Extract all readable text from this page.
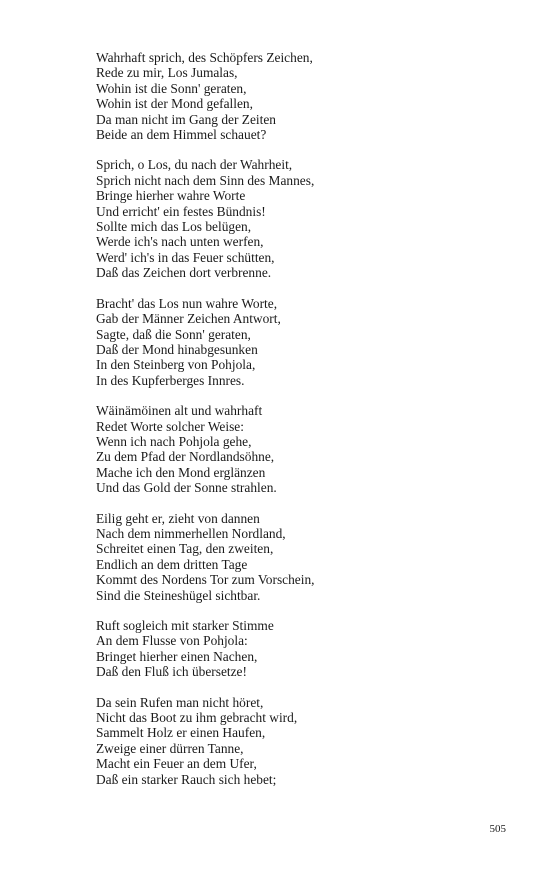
Wahrhaft sprich, des Schöpfers Zeichen,
Rede zu mir, Los Jumalas,
Wohin ist die Sonn' geraten,
Wohin ist der Mond gefallen,
Da man nicht im Gang der Zeiten
Beide an dem Himmel schauet?
Sprich, o Los, du nach der Wahrheit,
Sprich nicht nach dem Sinn des Mannes,
Bringe hierher wahre Worte
Und erricht' ein festes Bündnis!
Sollte mich das Los belügen,
Werde ich's nach unten werfen,
Werd' ich's in das Feuer schütten,
Daß das Zeichen dort verbrenne.
Bracht' das Los nun wahre Worte,
Gab der Männer Zeichen Antwort,
Sagte, daß die Sonn' geraten,
Daß der Mond hinabgesunken
In den Steinberg von Pohjola,
In des Kupferberges Innres.
Wäinämöinen alt und wahrhaft
Redet Worte solcher Weise:
Wenn ich nach Pohjola gehe,
Zu dem Pfad der Nordlandsöhne,
Mache ich den Mond erglänzen
Und das Gold der Sonne strahlen.
Eilig geht er, zieht von dannen
Nach dem nimmerhellen Nordland,
Schreitet einen Tag, den zweiten,
Endlich an dem dritten Tage
Kommt des Nordens Tor zum Vorschein,
Sind die Steineshügel sichtbar.
Ruft sogleich mit starker Stimme
An dem Flusse von Pohjola:
Bringet hierher einen Nachen,
Daß den Fluß ich übersetze!
Da sein Rufen man nicht höret,
Nicht das Boot zu ihm gebracht wird,
Sammelt Holz er einen Haufen,
Zweige einer dürren Tanne,
Macht ein Feuer an dem Ufer,
Daß ein starker Rauch sich hebet;
505
